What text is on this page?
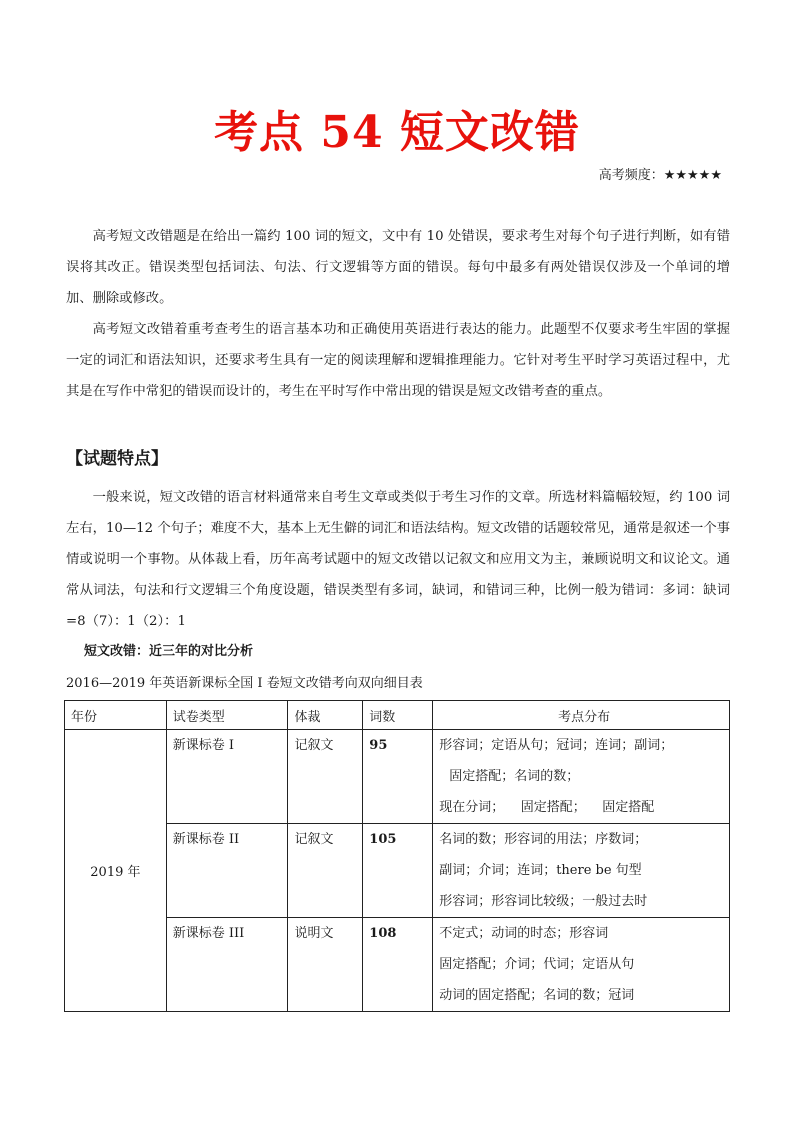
考点 54 短文改错
高考频度：★★★★★

高考短文改错题是在给出一篇约 100 词的短文，文中有 10 处错误，要求考生对每个句子进行判断，如有错误将其改正。错误类型包括词法、句法、行文逻辑等方面的错误。每句中最多有两处错误仅涉及一个单词的增加、删除或修改。

高考短文改错着重考查考生的语言基本功和正确使用英语进行表达的能力。此题型不仅要求考生牢固的掌握一定的词汇和语法知识，还要求考生具有一定的阅读理解和逻辑推理能力。它针对考生平时学习英语过程中，尤其是在写作中常犯的错误而设计的，考生在平时写作中常出现的错误是短文改错考查的重点。

【试题特点】

一般来说，短文改错的语言材料通常来自考生文章或类似于考生习作的文章。所选材料篇幅较短，约 100 词左右，10—12 个句子；难度不大，基本上无生僻的词汇和语法结构。短文改错的话题较常见，通常是叙述一个事情或说明一个事物。从体裁上看，历年高考试题中的短文改错以记叙文和应用文为主，兼顾说明文和议论文。通常从词法，句法和行文逻辑三个角度设题，错误类型有多词，缺词，和错词三种，比例一般为错词：多词：缺词=8（7）：1（2）：1

短文改错：近三年的对比分析
2016—2019 年英语新课标全国 I 卷短文改错考向双向细目表
年份	试卷类型	体裁	词数	考点分布
2019 年	新课标卷 I	记叙文	95	形容词；定语从句；冠词；连词；副词；
固定搭配；名词的数；
现在分词；    固定搭配；    固定搭配

	新课标卷 II	记叙文	105	名词的数；形容词的用法；序数词；
副词；介词；连词；there be 句型
形容词；形容词比较级；一般过去时

	新课标卷 III	说明文	108	不定式；动词的时态；形容词
固定搭配；介词；代词；定语从句
动词的固定搭配；名词的数；冠词
